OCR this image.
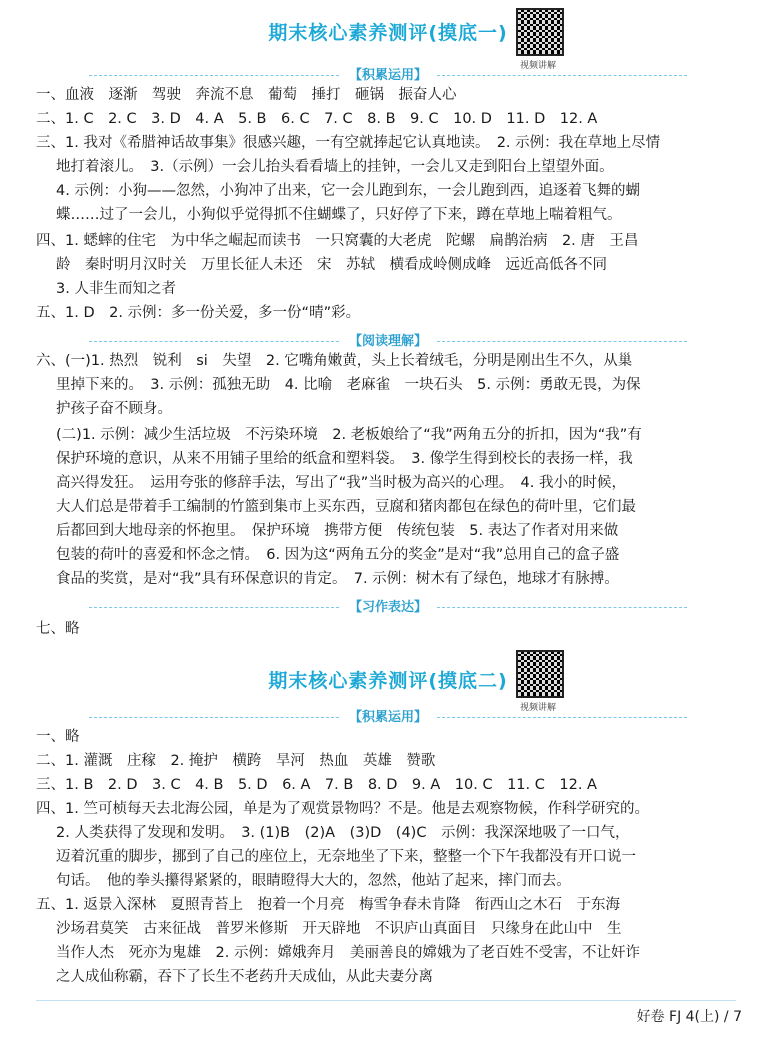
期末核心素养测评(摸底一)
视频讲解
【积累运用】
一、血液　逐渐　驾驶　奔流不息　葡萄　捶打　砸锅　振奋人心
二、1. C　2. C　3. D　4. A　5. B　6. C　7. C　8. B　9. C　10. D　11. D　12. A
三、1. 我对《希腊神话故事集》很感兴趣，一有空就捧起它认真地读。　2. 示例：我在草地上尽情
地打着滚儿。　3.（示例）一会儿抬头看看墙上的挂钟，一会儿又走到阳台上望望外面。
4. 示例：小狗——忽然，小狗冲了出来，它一会儿跑到东，一会儿跑到西，追逐着飞舞的蝴
蝶……过了一会儿，小狗似乎觉得抓不住蝴蝶了，只好停了下来，蹲在草地上喘着粗气。
四、1. 蟋蟀的住宅　为中华之崛起而读书　一只窝囊的大老虎　陀螺　扁鹊治病　2. 唐　王昌
龄　秦时明月汉时关　万里长征人未还　宋　苏轼　横看成岭侧成峰　远近高低各不同
3. 人非生而知之者
五、1. D　2. 示例：多一份关爱，多一份“晴”彩。
【阅读理解】
六、(一)1. 热烈　锐利　si　失望　2. 它嘴角嫩黄，头上长着绒毛，分明是刚出生不久，从巢
里掉下来的。　3. 示例：孤独无助　4. 比喻　老麻雀　一块石头　5. 示例：勇敢无畏，为保
护孩子奋不顾身。
(二)1. 示例：减少生活垃圾　不污染环境　2. 老板娘给了“我”两角五分的折扣，因为“我”有
保护环境的意识，从来不用铺子里给的纸盒和塑料袋。　3. 像学生得到校长的表扬一样，我
高兴得发狂。　运用夸张的修辞手法，写出了“我”当时极为高兴的心理。　4. 我小的时候，
大人们总是带着手工编制的竹篮到集市上买东西，豆腐和猪肉都包在绿色的荷叶里，它们最
后都回到大地母亲的怀抱里。　保护环境　携带方便　传统包装　5. 表达了作者对用来做
包装的荷叶的喜爱和怀念之情。　6. 因为这“两角五分的奖金”是对“我”总用自己的盒子盛
食品的奖赏，是对“我”具有环保意识的肯定。　7. 示例：树木有了绿色，地球才有脉搏。
【习作表达】
七、略
期末核心素养测评(摸底二)
视频讲解
【积累运用】
一、略
二、1. 灌溉　庄稼　2. 掩护　横跨　旱河　热血　英雄　赞歌
三、1. B　2. D　3. C　4. B　5. D　6. A　7. B　8. D　9. A　10. C　11. C　12. A
四、1. 竺可桢每天去北海公园，单是为了观赏景物吗？不是。他是去观察物候，作科学研究的。
2. 人类获得了发现和发明。　3. (1)B　(2)A　(3)D　(4)C　示例：我深深地吸了一口气，
迈着沉重的脚步，挪到了自己的座位上，无奈地坐了下来，整整一个下午我都没有开口说一
句话。　他的拳头攥得紧紧的，眼睛瞪得大大的，忽然，他站了起来，摔门而去。
五、1. 返景入深林　夏照青苔上　抱着一个月亮　梅雪争春未肯降　衔西山之木石　于东海
沙场君莫笑　古来征战　普罗米修斯　开天辟地　不识庐山真面目　只缘身在此山中　生
当作人杰　死亦为鬼雄　2. 示例：嫦娥奔月　美丽善良的嫦娥为了老百姓不受害，不让奸诈
之人成仙称霸，吞下了长生不老药升天成仙，从此夫妻分离
好卷 FJ 4(上) / 7
